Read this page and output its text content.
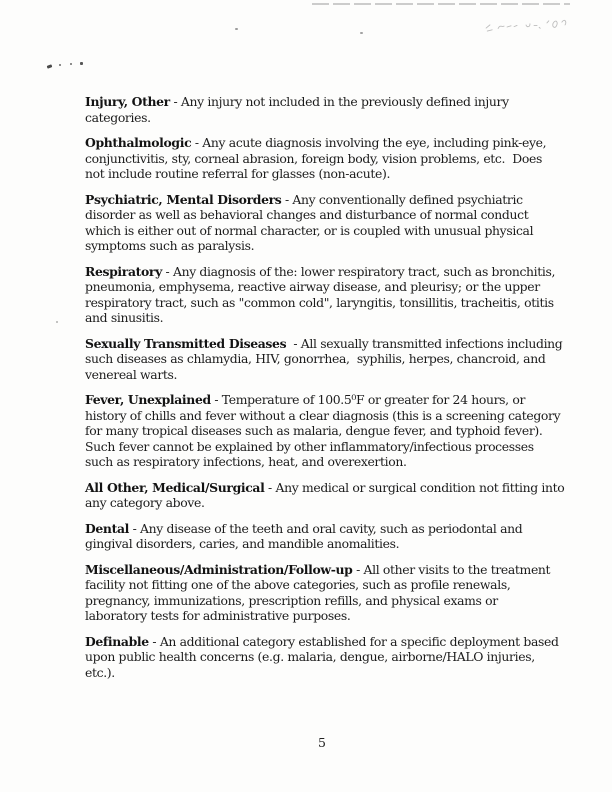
Injury, Other - Any injury not included in the previously defined injury
categories.

Ophthalmologic - Any acute diagnosis involving the eye, including pink-eye,
conjunctivitis, sty, corneal abrasion, foreign body, vision problems, etc.  Does
not include routine referral for glasses (non-acute).

Psychiatric, Mental Disorders - Any conventionally defined psychiatric
disorder as well as behavioral changes and disturbance of normal conduct
which is either out of normal character, or is coupled with unusual physical
symptoms such as paralysis.

Respiratory - Any diagnosis of the: lower respiratory tract, such as bronchitis,
pneumonia, emphysema, reactive airway disease, and pleurisy; or the upper
respiratory tract, such as "common cold", laryngitis, tonsillitis, tracheitis, otitis
and sinusitis.

Sexually Transmitted Diseases  - All sexually transmitted infections including
such diseases as chlamydia, HIV, gonorrhea,  syphilis, herpes, chancroid, and
venereal warts.

Fever, Unexplained - Temperature of 100.5⁰F or greater for 24 hours, or
history of chills and fever without a clear diagnosis (this is a screening category
for many tropical diseases such as malaria, dengue fever, and typhoid fever).
Such fever cannot be explained by other inflammatory/infectious processes
such as respiratory infections, heat, and overexertion.

All Other, Medical/Surgical - Any medical or surgical condition not fitting into
any category above.

Dental - Any disease of the teeth and oral cavity, such as periodontal and
gingival disorders, caries, and mandible anomalities.

Miscellaneous/Administration/Follow-up - All other visits to the treatment
facility not fitting one of the above categories, such as profile renewals,
pregnancy, immunizations, prescription refills, and physical exams or
laboratory tests for administrative purposes.

Definable - An additional category established for a specific deployment based
upon public health concerns (e.g. malaria, dengue, airborne/HALO injuries,
etc.).

5
